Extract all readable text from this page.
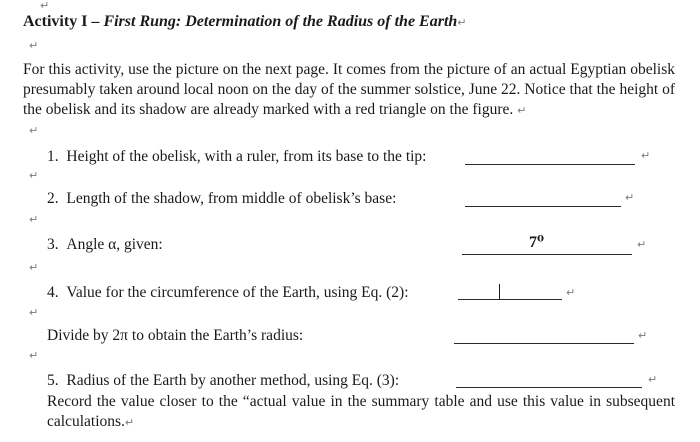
↵
Activity I – First Rung: Determination of the Radius of the Earth↵
↵
For this activity, use the picture on the next page. It comes from the picture of an actual Egyptian obelisk presumably taken around local noon on the day of the summer solstice, June 22. Notice that the height of the obelisk and its shadow are already marked with a red triangle on the figure. ↵
↵
1. Height of the obelisk, with a ruler, from its base to the tip:	↵
↵
2. Length of the shadow, from middle of obelisk’s base:	↵
↵
3. Angle α, given:	7⁰	↵
↵
4. Value for the circumference of the Earth, using Eq. (2):	↵
↵
Divide by 2π to obtain the Earth’s radius:	↵
↵
5. Radius of the Earth by another method, using Eq. (3):	↵
Record the value closer to the “actual value in the summary table and use this value in subsequent calculations.↵
